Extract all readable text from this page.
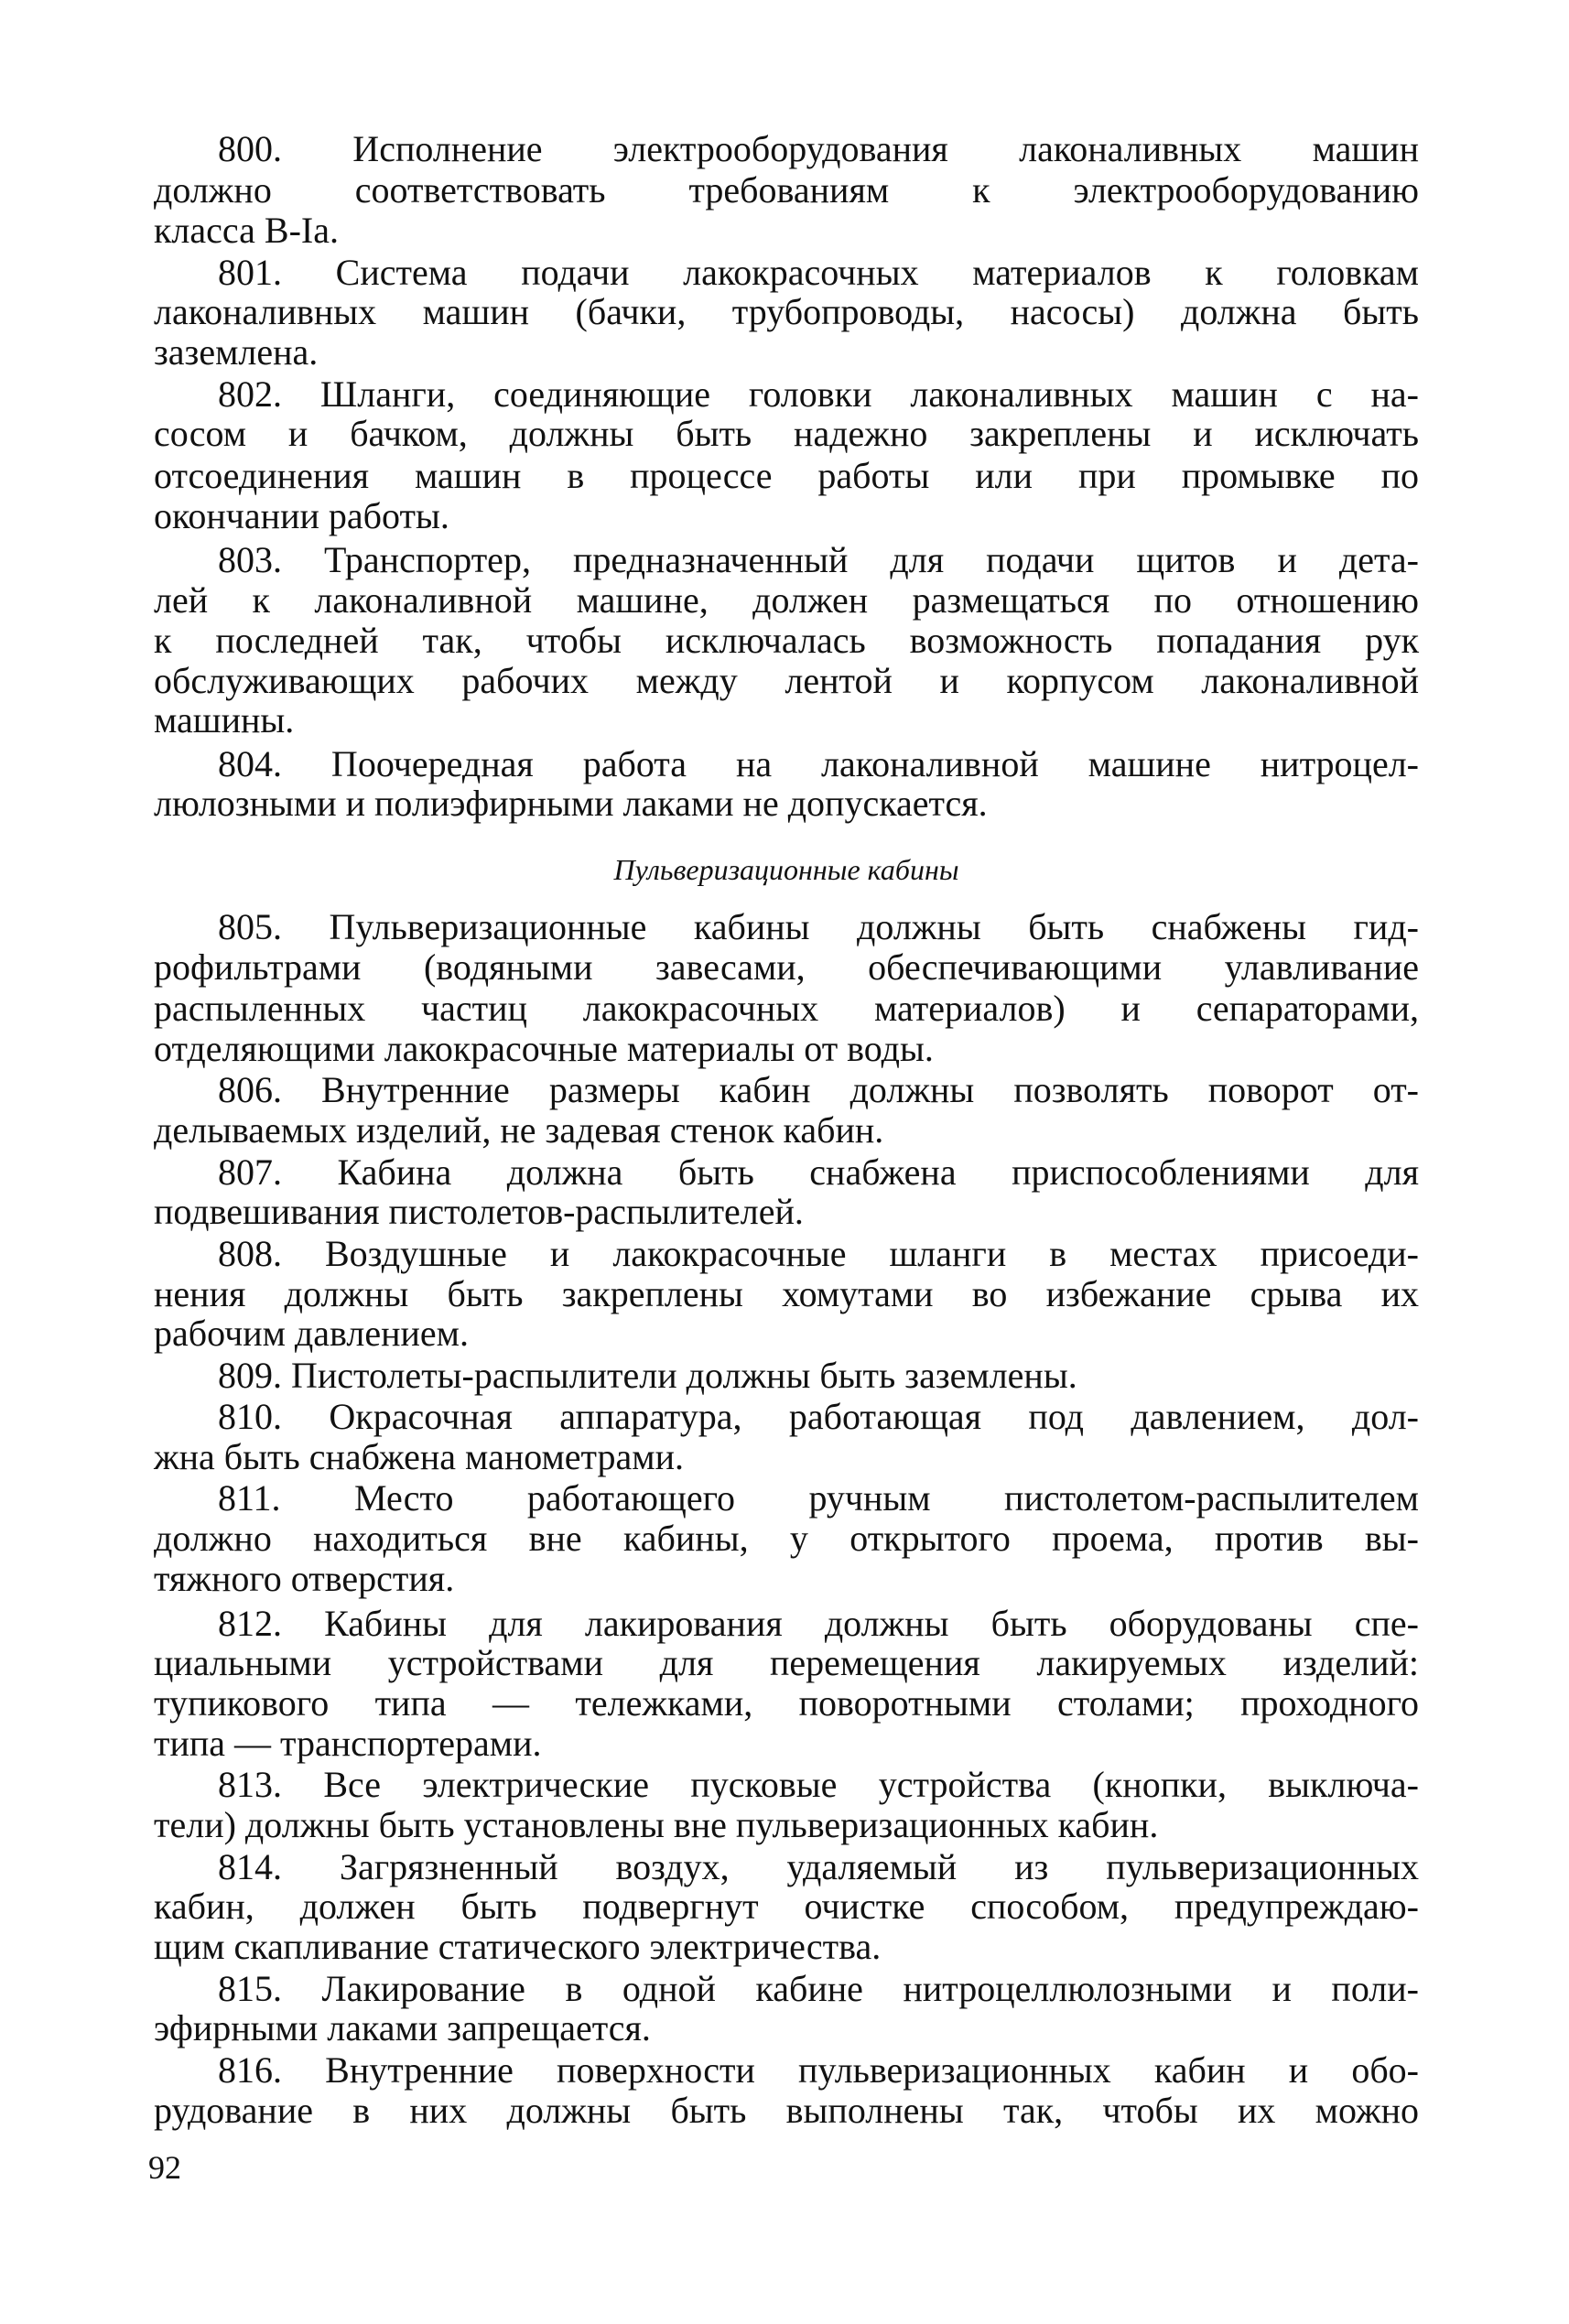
Пульверизационные кабины
92
800. Исполнение электрооборудования лаконаливных машин
должно соответствовать требованиям к электрооборудованию
класса В-Iа.
801. Система подачи лакокрасочных материалов к головкам
лаконаливных машин (бачки, трубопроводы, насосы) должна быть
заземлена.
802. Шланги, соединяющие головки лаконаливных машин с на-
сосом и бачком, должны быть надежно закреплены и исключать
отсоединения машин в процессе работы или при промывке по
окончании работы.
803. Транспортер, предназначенный для подачи щитов и дета-
лей к лаконаливной машине, должен размещаться по отношению
к последней так, чтобы исключалась возможность попадания рук
обслуживающих рабочих между лентой и корпусом лаконаливной
машины.
804. Поочередная работа на лаконаливной машине нитроцел-
люлозными и полиэфирными лаками не допускается.
805. Пульверизационные кабины должны быть снабжены гид-
рофильтрами (водяными завесами, обеспечивающими улавливание
распыленных частиц лакокрасочных материалов) и сепараторами,
отделяющими лакокрасочные материалы от воды.
806. Внутренние размеры кабин должны позволять поворот от-
делываемых изделий, не задевая стенок кабин.
807. Кабина должна быть снабжена приспособлениями для
подвешивания пистолетов-распылителей.
808. Воздушные и лакокрасочные шланги в местах присоеди-
нения должны быть закреплены хомутами во избежание срыва их
рабочим давлением.
809. Пистолеты-распылители должны быть заземлены.
810. Окрасочная аппаратура, работающая под давлением, дол-
жна быть снабжена манометрами.
811. Место работающего ручным пистолетом-распылителем
должно находиться вне кабины, у открытого проема, против вы-
тяжного отверстия.
812. Кабины для лакирования должны быть оборудованы спе-
циальными устройствами для перемещения лакируемых изделий:
тупикового типа — тележками, поворотными столами; проходного
типа — транспортерами.
813. Все электрические пусковые устройства (кнопки, выключа-
тели) должны быть установлены вне пульверизационных кабин.
814. Загрязненный воздух, удаляемый из пульверизационных
кабин, должен быть подвергнут очистке способом, предупреждаю-
щим скапливание статического электричества.
815. Лакирование в одной кабине нитроцеллюлозными и поли-
эфирными лаками запрещается.
816. Внутренние поверхности пульверизационных кабин и обо-
рудование в них должны быть выполнены так, чтобы их можно
